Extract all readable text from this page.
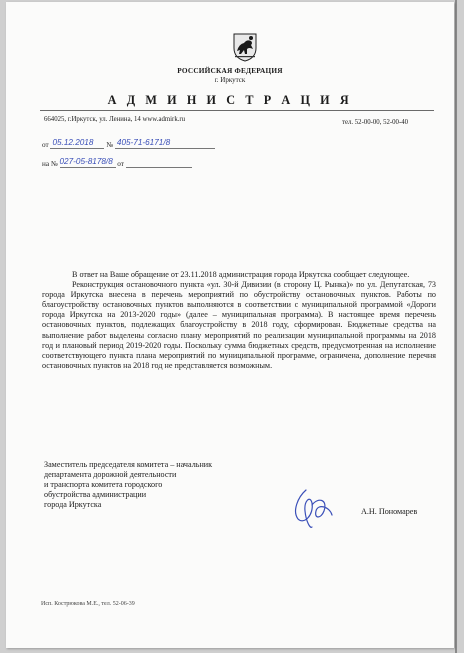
РОССИЙСКАЯ ФЕДЕРАЦИЯ
г. Иркутск
А Д М И Н И С Т Р А Ц И Я
664025, г.Иркутск, ул. Ленина, 14 www.admirk.ru	тел. 52-00-00, 52-00-40
от 05.12.2018 № 405-71-6171/8
на № 027-05-8178/8 от

В ответ на Ваше обращение от 23.11.2018 администрация города Иркутска сообщает следующее.

Реконструкция остановочного пункта «ул. 30-й Дивизии (в сторону Ц. Рынка)» по ул. Депутатская, 73 города Иркутска внесена в перечень мероприятий по обустройству остановочных пунктов. Работы по благоустройству остановочных пунктов выполняются в соответствии с муниципальной программой «Дороги города Иркутска на 2013-2020 годы» (далее – муниципальная программа). В настоящее время перечень остановочных пунктов, подлежащих благоустройству в 2018 году, сформирован. Бюджетные средства на выполнение работ выделены согласно плану мероприятий по реализации муниципальной программы на 2018 год и плановый период 2019-2020 годы. Поскольку сумма бюджетных средств, предусмотренная на исполнение соответствующего пункта плана мероприятий по муниципальной программе, ограничена, дополнение перечня остановочных пунктов на 2018 год не представляется возможным.

Заместитель председателя комитета – начальник
департамента дорожной деятельности
и транспорта комитета городского
обустройства администрации
города Иркутска
А.Н. Пономарев
Исп. Кострюкова М.Е., тел. 52-06-39
